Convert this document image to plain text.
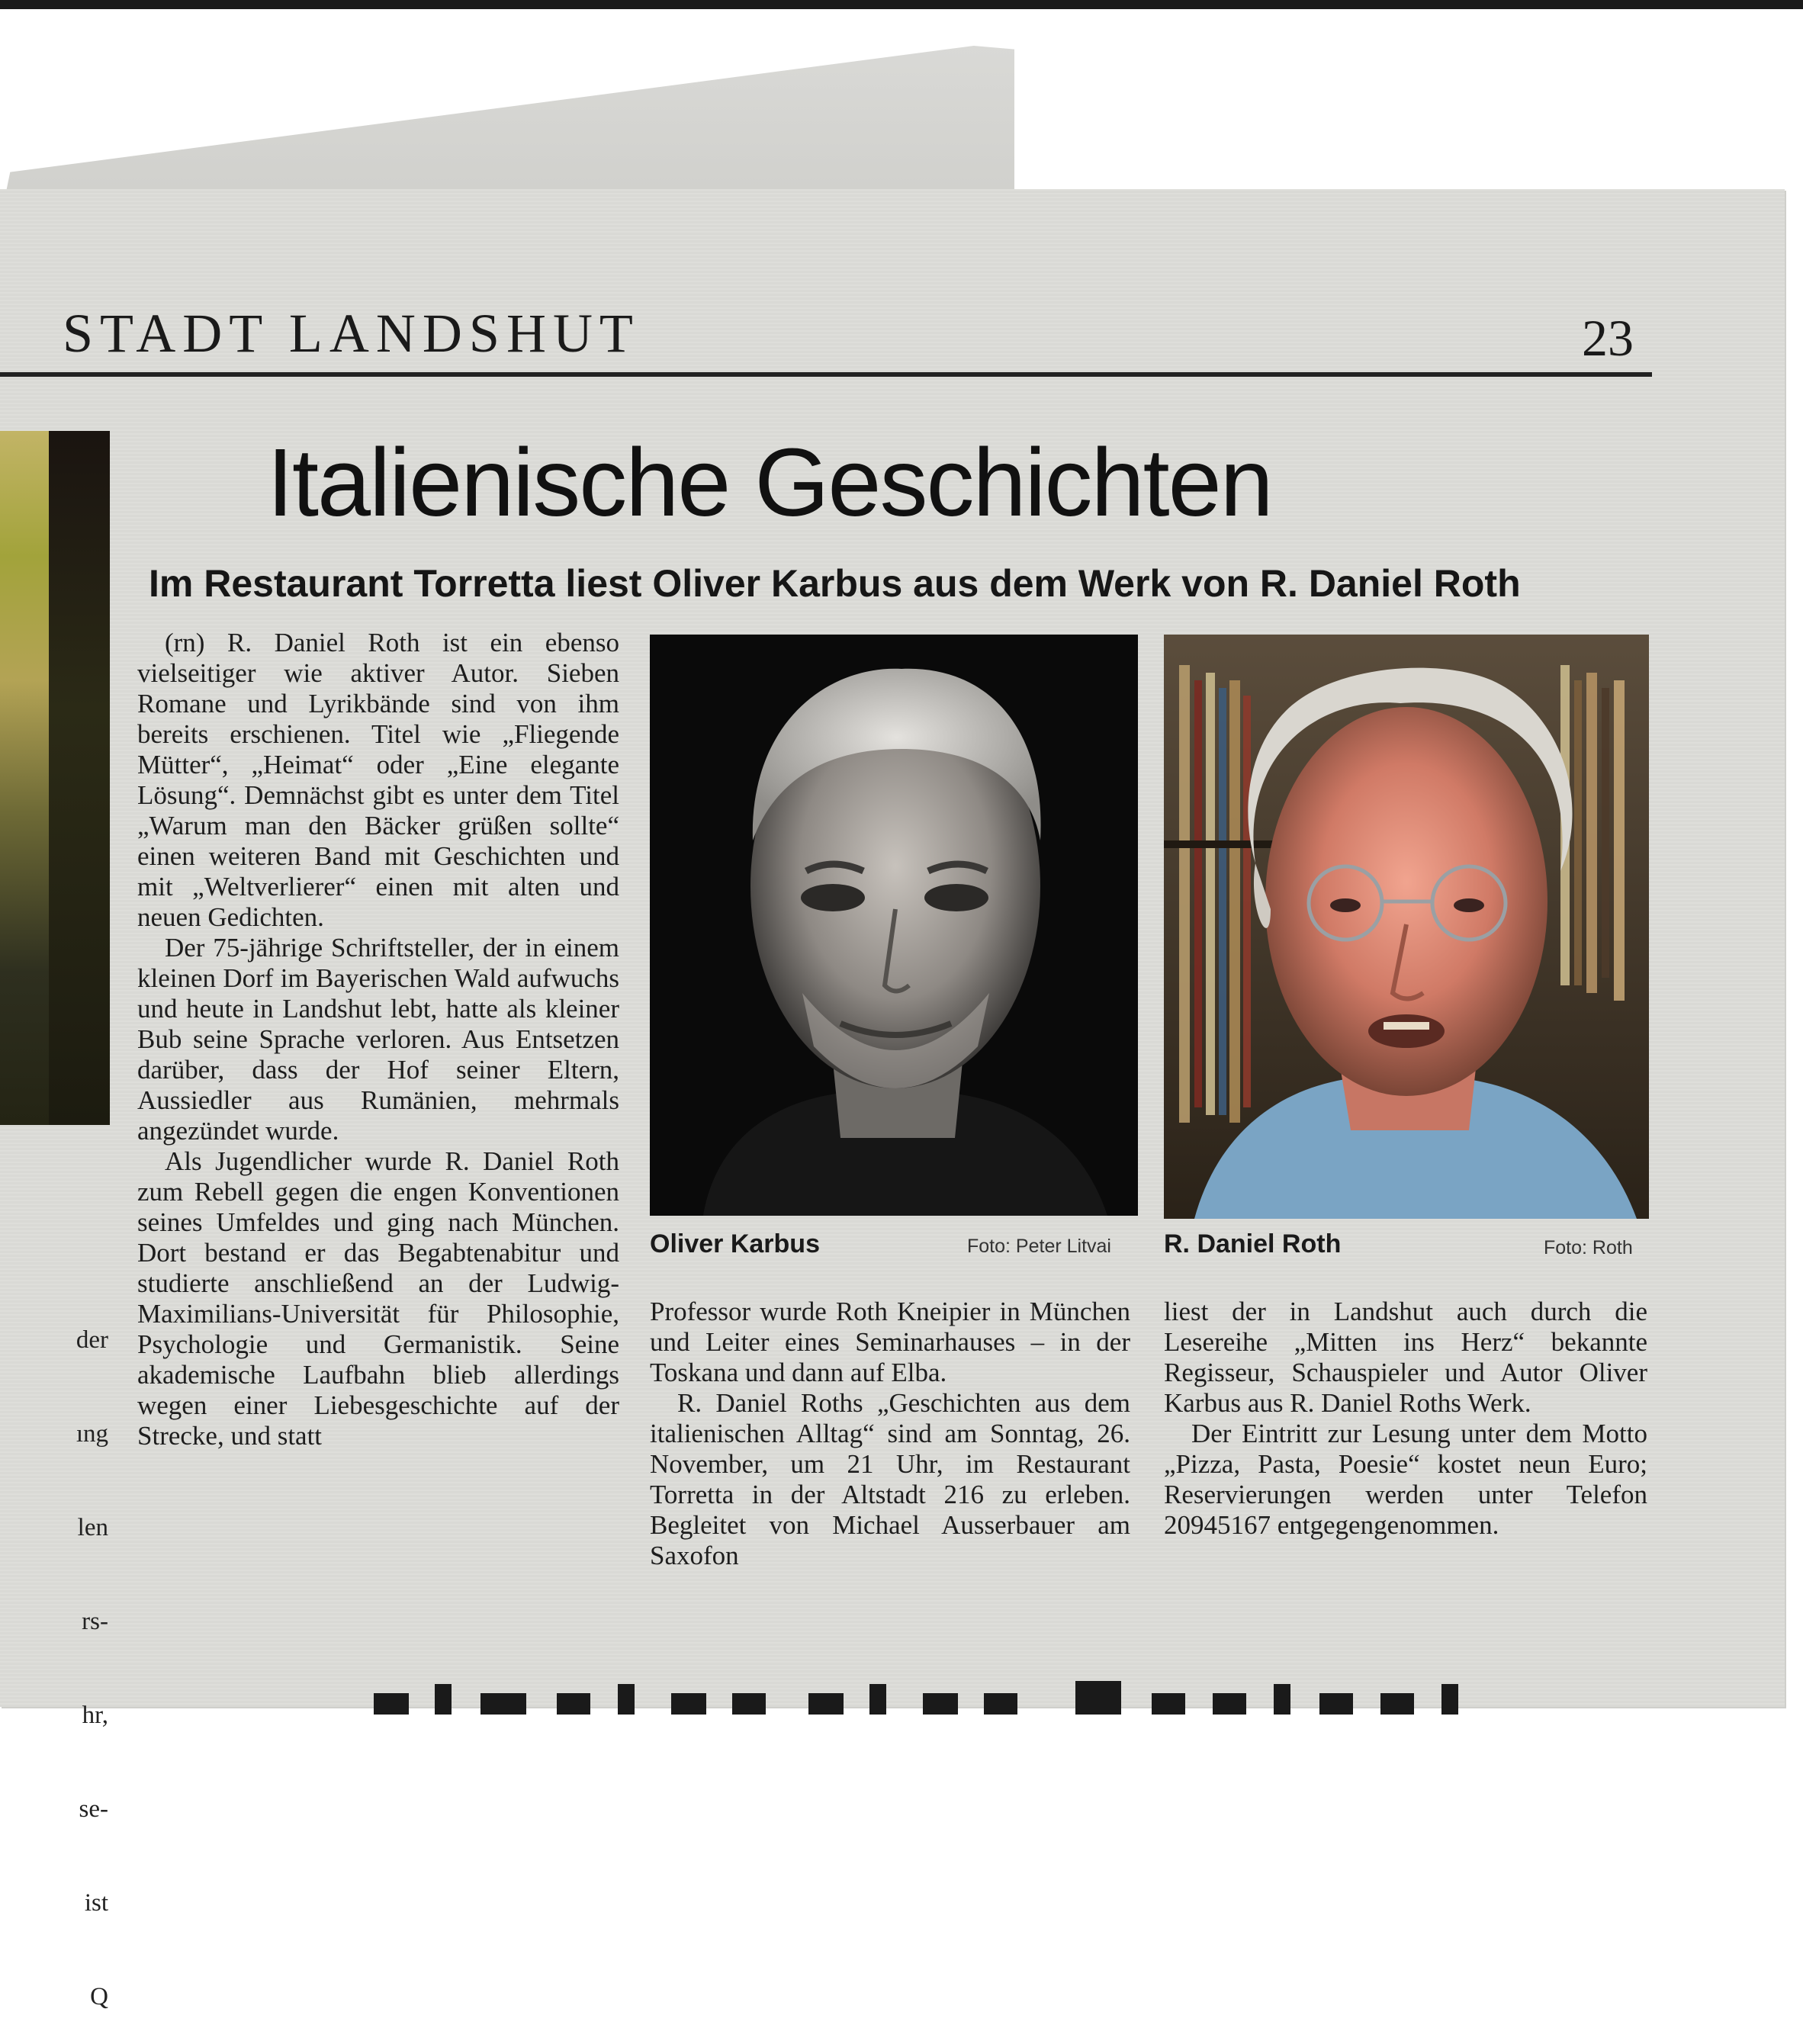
STADT LANDSHUT	23

der

ıng

len

rs-

hr,

se-

ist

Q

Italienische Geschichten
Im Restaurant Torretta liest Oliver Karbus aus dem Werk von R. Daniel Roth

(rn) R. Daniel Roth ist ein ebenso vielseitiger wie aktiver Autor. Sieben Romane und Lyrikbände sind von ihm bereits erschienen. Titel wie „Fliegende Mütter“, „Heimat“ oder „Eine elegante Lösung“. Demnächst gibt es unter dem Titel „Warum man den Bäcker grüßen sollte“ einen weiteren Band mit Geschichten und mit „Weltverlierer“ einen mit alten und neuen Gedichten.

Der 75-jährige Schriftsteller, der in einem kleinen Dorf im Bayerischen Wald aufwuchs und heute in Landshut lebt, hatte als kleiner Bub seine Sprache verloren. Aus Entsetzen darüber, dass der Hof seiner Eltern, Aussiedler aus Rumänien, mehrmals angezündet wurde.

Als Jugendlicher wurde R. Daniel Roth zum Rebell gegen die engen Konventionen seines Umfeldes und ging nach München. Dort bestand er das Begabtenabitur und studierte anschließend an der Ludwig-Maximilians-Universität für Philosophie, Psychologie und Germanistik. Seine akademische Laufbahn blieb allerdings wegen einer Liebesgeschichte auf der Strecke, und statt

Oliver Karbus	Foto: Peter Litvai R. Daniel Roth	Foto: Roth

Professor wurde Roth Kneipier in München und Leiter eines Seminarhauses – in der Toskana und dann auf Elba.

R. Daniel Roths „Geschichten aus dem italienischen Alltag“ sind am Sonntag, 26. November, um 21 Uhr, im Restaurant Torretta in der Altstadt 216 zu erleben. Begleitet von Michael Ausserbauer am Saxofon

liest der in Landshut auch durch die Lesereihe „Mitten ins Herz“ bekannte Regisseur, Schauspieler und Autor Oliver Karbus aus R. Daniel Roths Werk.

Der Eintritt zur Lesung unter dem Motto „Pizza, Pasta, Poesie“ kostet neun Euro; Reservierungen werden unter Telefon 20945167 entgegengenommen.
